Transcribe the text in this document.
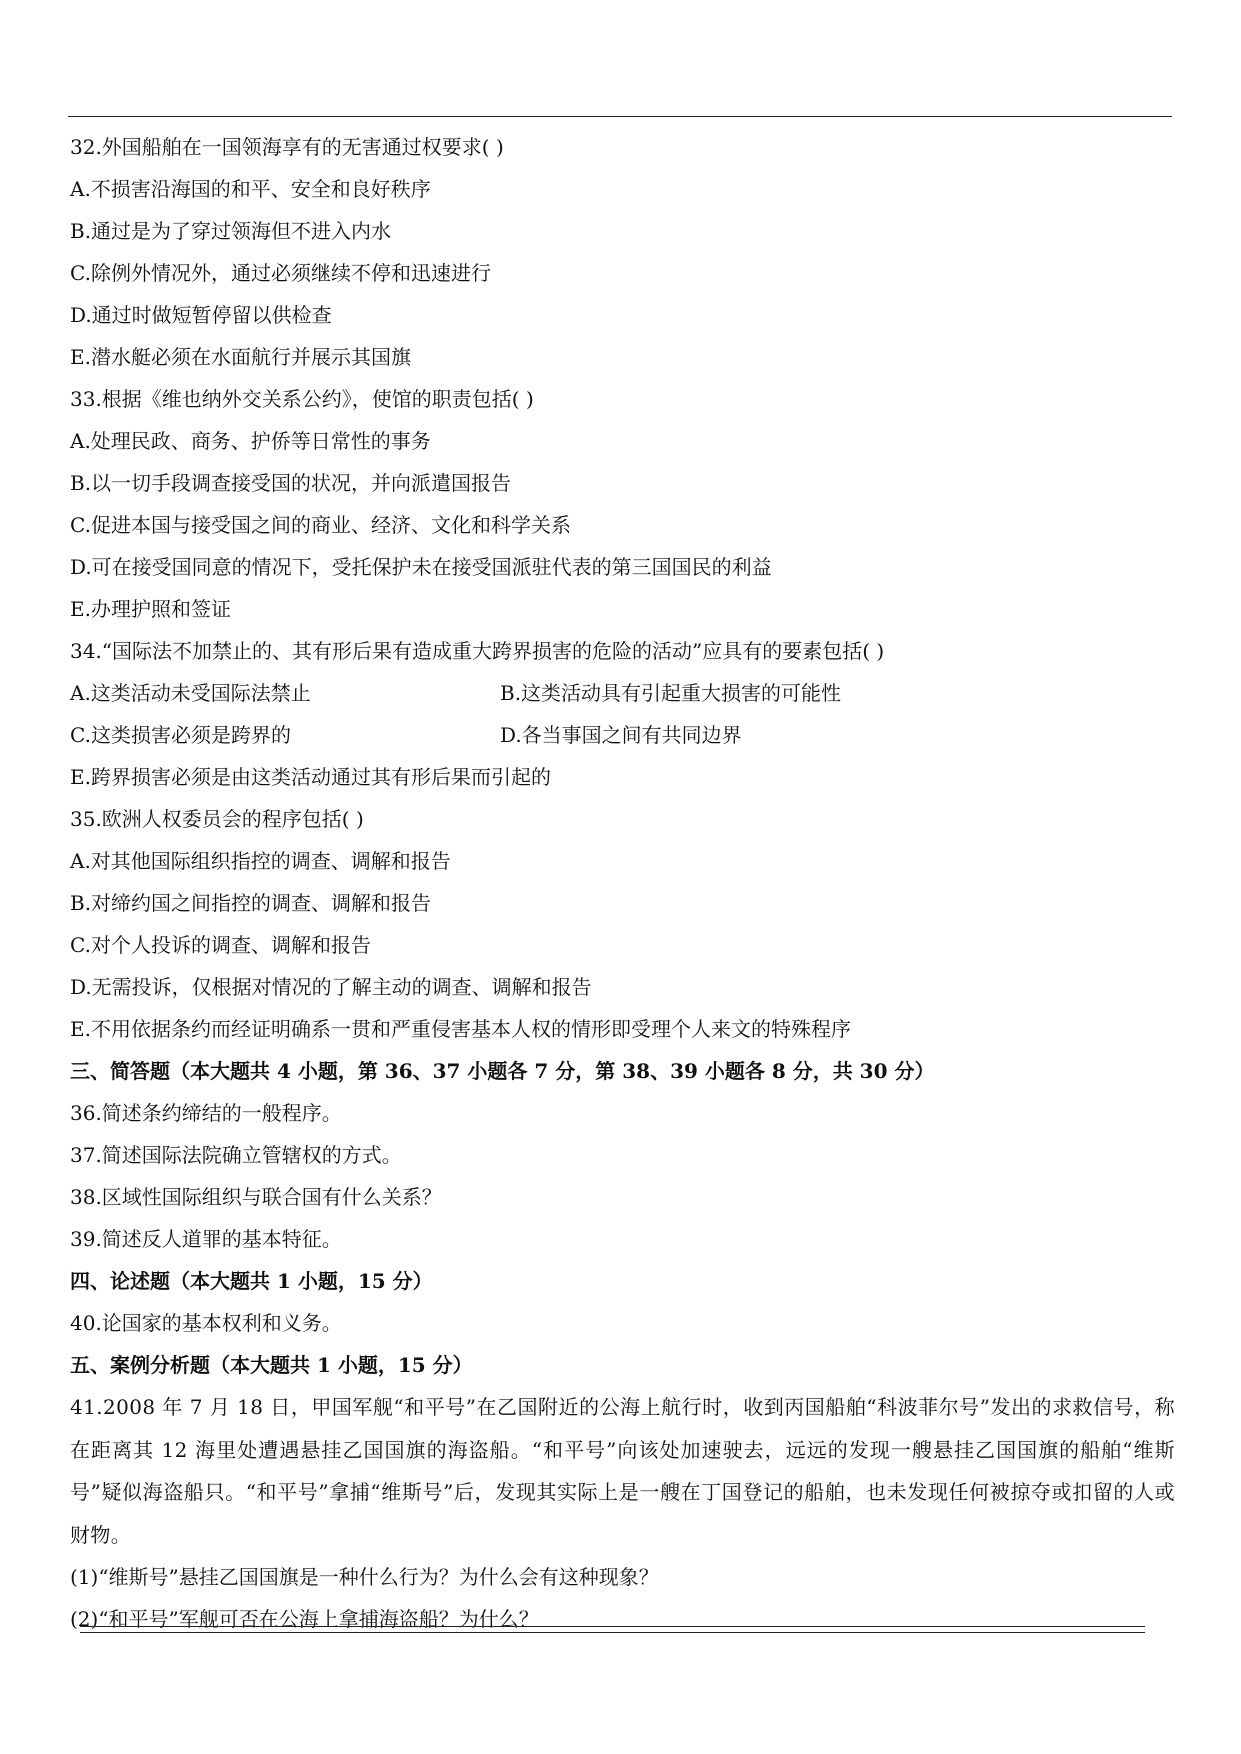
32.外国船舶在一国领海享有的无害通过权要求( )
A.不损害沿海国的和平、安全和良好秩序
B.通过是为了穿过领海但不进入内水
C.除例外情况外，通过必须继续不停和迅速进行
D.通过时做短暂停留以供检查
E.潜水艇必须在水面航行并展示其国旗
33.根据《维也纳外交关系公约》，使馆的职责包括( )
A.处理民政、商务、护侨等日常性的事务
B.以一切手段调查接受国的状况，并向派遣国报告
C.促进本国与接受国之间的商业、经济、文化和科学关系
D.可在接受国同意的情况下，受托保护未在接受国派驻代表的第三国国民的利益
E.办理护照和签证
34.“国际法不加禁止的、其有形后果有造成重大跨界损害的危险的活动”应具有的要素包括( )
A.这类活动未受国际法禁止	B.这类活动具有引起重大损害的可能性
C.这类损害必须是跨界的	D.各当事国之间有共同边界
E.跨界损害必须是由这类活动通过其有形后果而引起的
35.欧洲人权委员会的程序包括( )
A.对其他国际组织指控的调查、调解和报告
B.对缔约国之间指控的调查、调解和报告
C.对个人投诉的调查、调解和报告
D.无需投诉，仅根据对情况的了解主动的调查、调解和报告
E.不用依据条约而经证明确系一贯和严重侵害基本人权的情形即受理个人来文的特殊程序
三、简答题（本大题共 4 小题，第 36、37 小题各 7 分，第 38、39 小题各 8 分，共 30 分）
36.简述条约缔结的一般程序。
37.简述国际法院确立管辖权的方式。
38.区域性国际组织与联合国有什么关系？
39.简述反人道罪的基本特征。
四、论述题（本大题共 1 小题，15 分）
40.论国家的基本权利和义务。
五、案例分析题（本大题共 1 小题，15 分）

41.2008 年 7 月 18 日，甲国军舰“和平号”在乙国附近的公海上航行时，收到丙国船舶“科波菲尔号”发出的求救信号，称在距离其 12 海里处遭遇悬挂乙国国旗的海盗船。“和平号”向该处加速驶去，远远的发现一艘悬挂乙国国旗的船舶“维斯号”疑似海盗船只。“和平号”拿捕“维斯号”后，发现其实际上是一艘在丁国登记的船舶，也未发现任何被掠夺或扣留的人或财物。

(1)“维斯号”悬挂乙国国旗是一种什么行为？为什么会有这种现象？
(2)“和平号”军舰可否在公海上拿捕海盗船？为什么？
